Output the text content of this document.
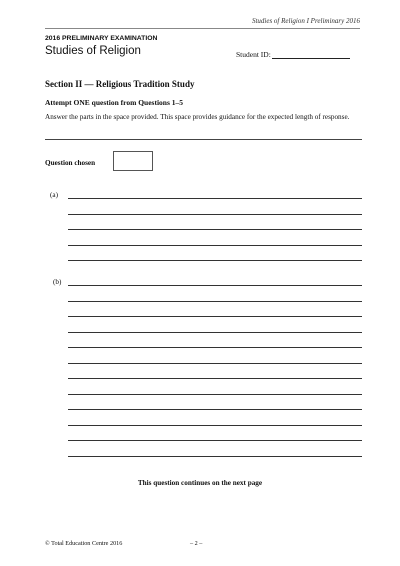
Studies of Religion I Preliminary 2016
2016 PRELIMINARY EXAMINATION
Studies of Religion	Student ID:
Section II — Religious Tradition Study
Attempt ONE question from Questions 1–5
Answer the parts in the space provided. This space provides guidance for the expected length of response.
Question chosen
(a)
(b)
This question continues on the next page
© Total Education Centre 2016	– 2 –
